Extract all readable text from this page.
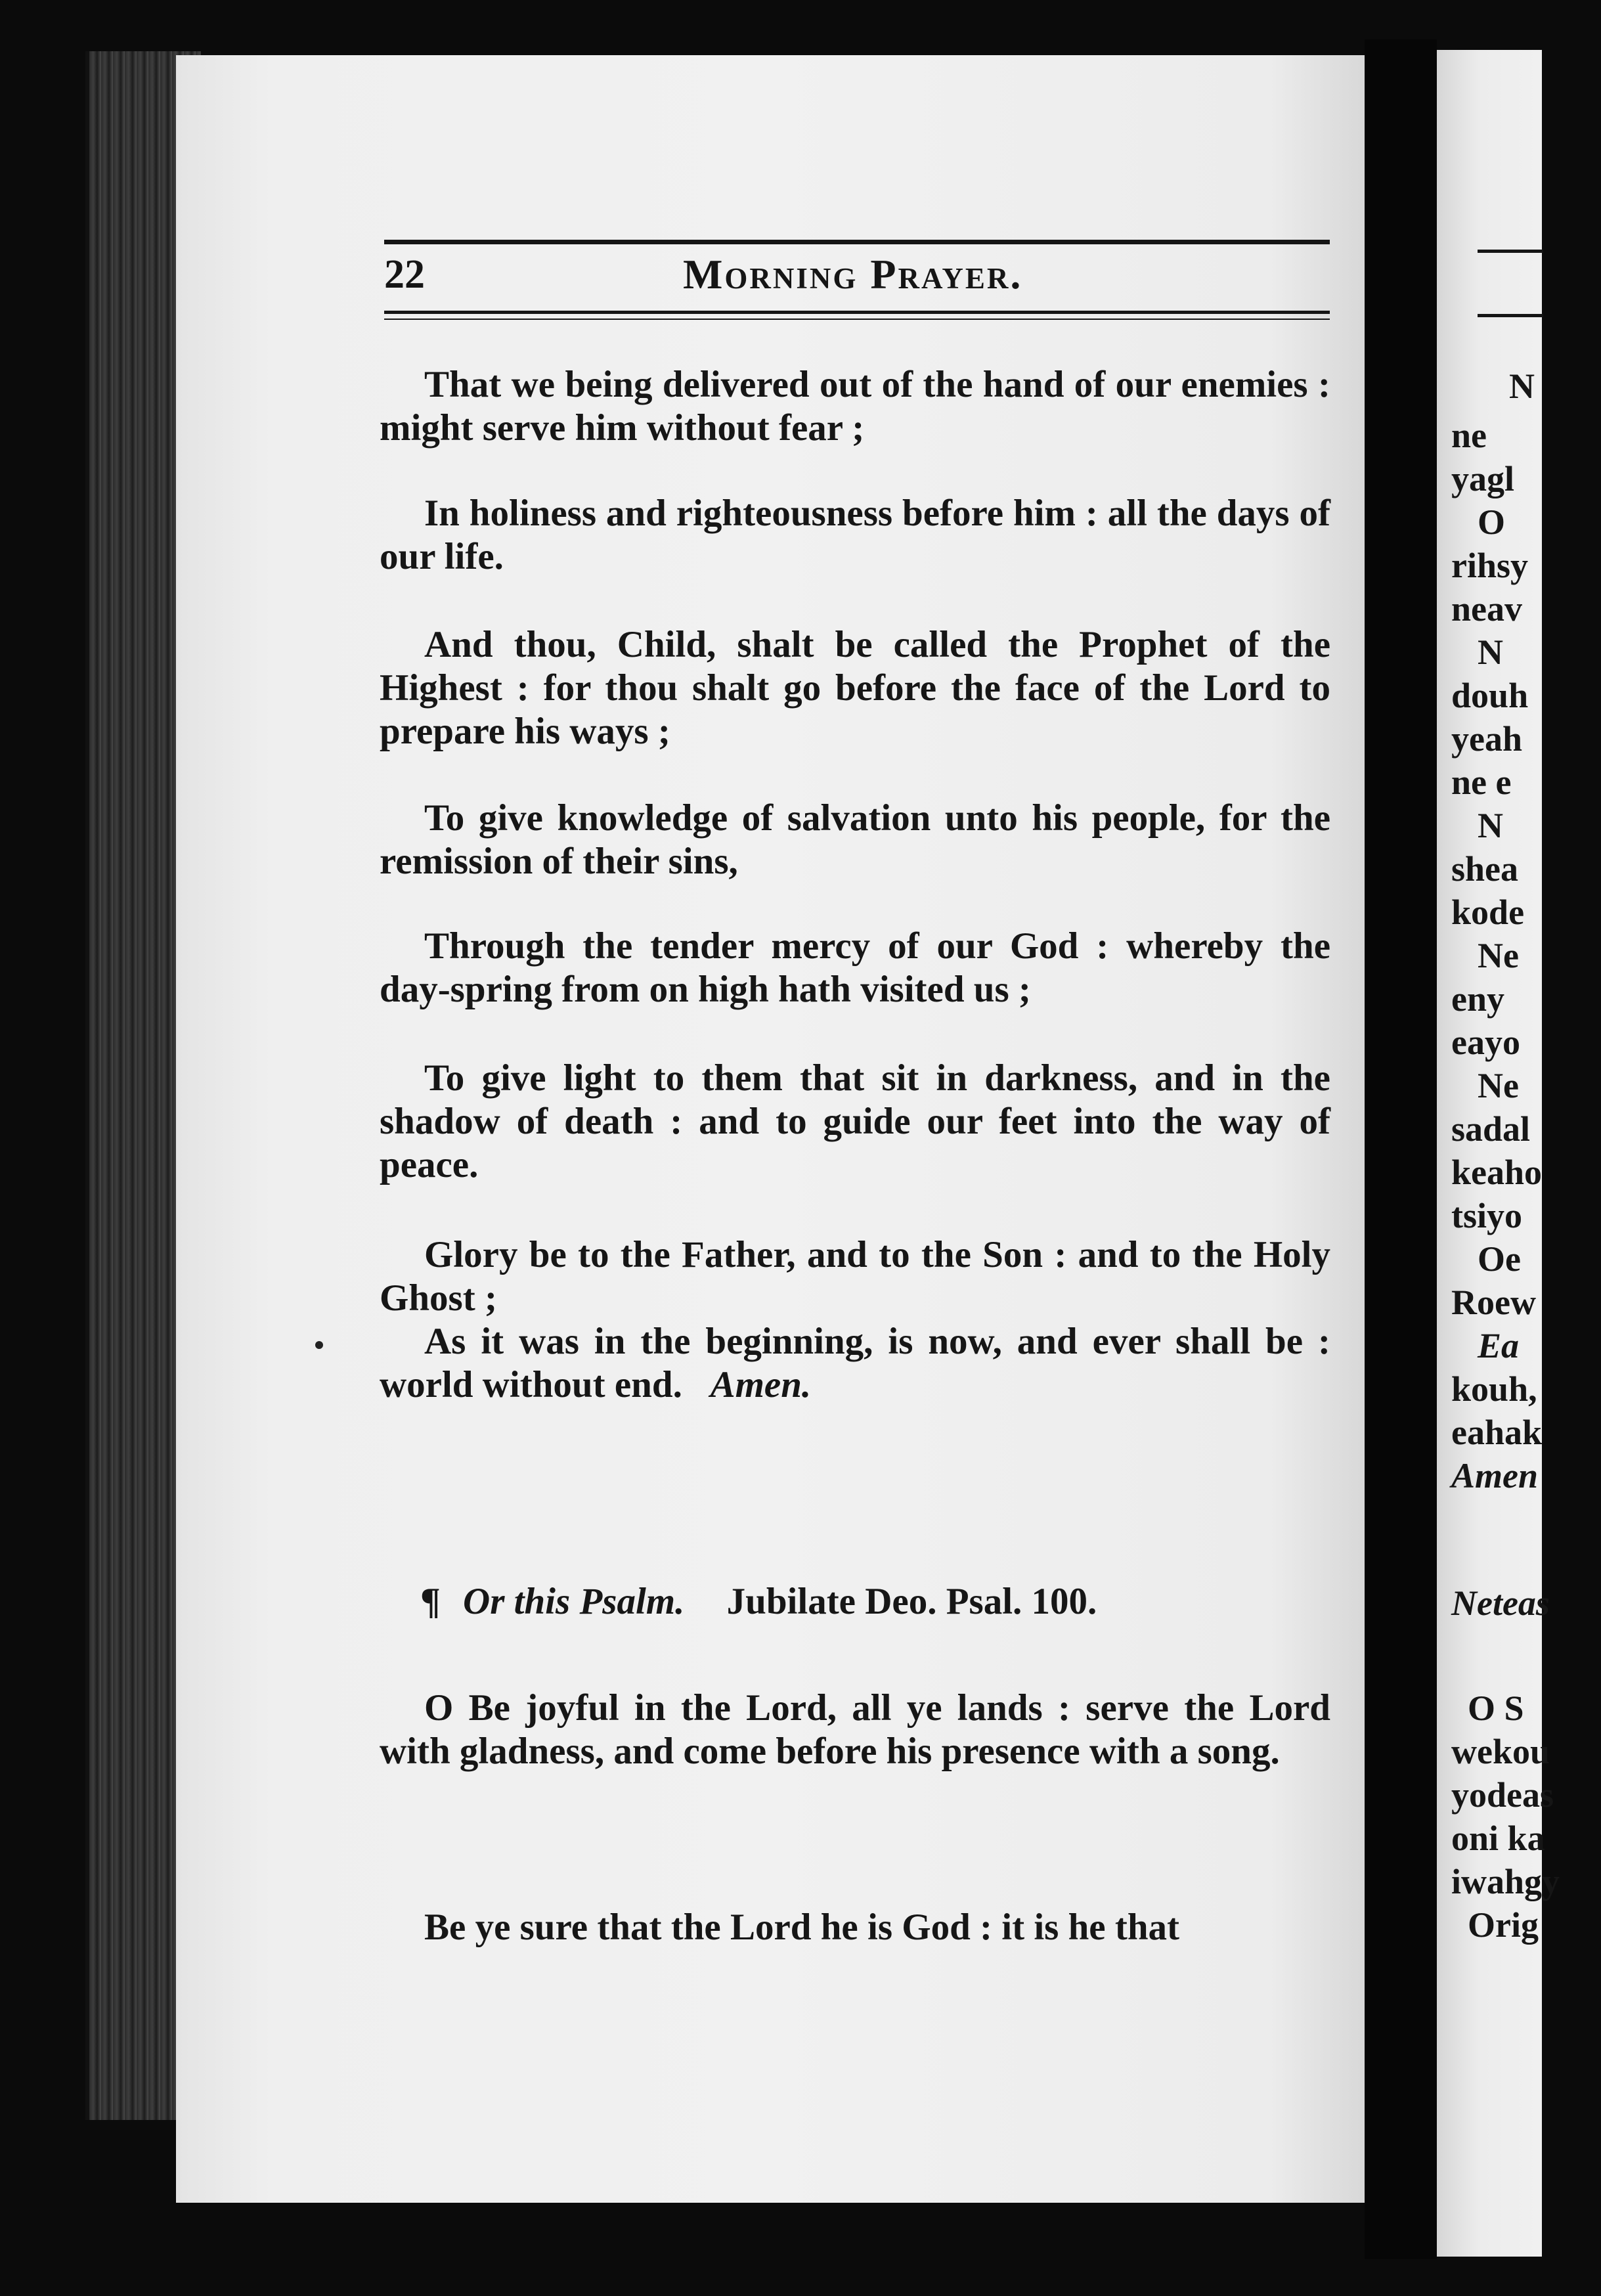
22	Morning Prayer.
That we being delivered out of the hand of our enemies : might serve him without fear ;
In holiness and righteousness before him : all the days of our life.
And thou, Child, shalt be called the Prophet of the Highest : for thou shalt go before the face of the Lord to prepare his ways ;
To give knowledge of salvation unto his people, for the remission of their sins,
Through the tender mercy of our God : whereby the day-spring from on high hath visited us ;
To give light to them that sit in darkness, and in the shadow of death : and to guide our feet into the way of peace.
Glory be to the Father, and to the Son : and to the Holy Ghost ;
As it was in the beginning, is now, and ever shall be : world without end. Amen.
¶ Or this Psalm. Jubilate Deo. Psal. 100.
O Be joyful in the Lord, all ye lands : serve the Lord with gladness, and come before his presence with a song.
Be ye sure that the Lord he is God : it is he that
N
ne
yagl
O
rihsy
neav
N
douh
yeah
ne e
N
shea
kode
Ne
eny
eayo
Ne
sadal
keaho
tsiyo
Oe
Roew
Ea
kouh,
eahak
Amen
Neteas
O S
wekou
yodeas
oni ka
iwahgy
Orig
